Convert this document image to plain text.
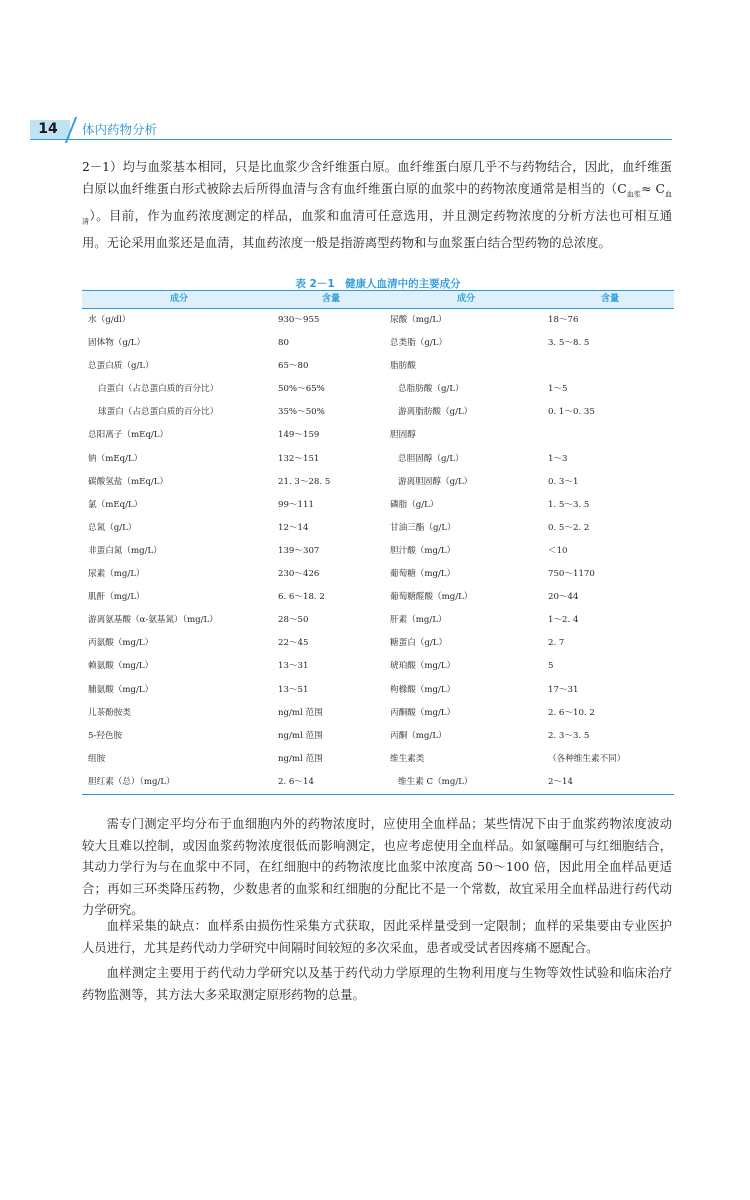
14	体内药物分析
2－1）均与血浆基本相同，只是比血浆少含纤维蛋白原。血纤维蛋白原几乎不与药物结合，因此，血纤维蛋白原以血纤维蛋白形式被除去后所得血清与含有血纤维蛋白原的血浆中的药物浓度通常是相当的$(C_{血浆}\approx C_{血清})$。目前，作为血药浓度测定的样品，血浆和血清可任意选用，并且测定药物浓度的分析方法也可相互通用。无论采用血浆还是血清，其血药浓度一般是指游离型药物和与血浆蛋白结合型药物的总浓度。
表 2－1　健康人血清中的主要成分
成分	含量	成分	含量
水（g/dl）	930～955	尿酸（mg/L）	18～76
固体物（g/L）	80	总类脂（g/L）	3. 5～8. 5
总蛋白质（g/L）	65～80	脂肪酸
白蛋白（占总蛋白质的百分比）	50%～65%	总脂肪酸（g/L）	1～5
球蛋白（占总蛋白质的百分比）	35%～50%	游离脂肪酸（g/L）	0. 1～0. 35
总阳离子（mEq/L）	149～159	胆固醇
钠（mEq/L）	132～151	总胆固醇（g/L）	1～3
碳酸氢盐（mEq/L）	21. 3～28. 5	游离胆固醇（g/L）	0. 3～1
氯（mEq/L）	99～111	磷脂（g/L）	1. 5～3. 5
总氮（g/L）	12～14	甘油三酯（g/L）	0. 5～2. 2
非蛋白氮（mg/L）	139～307	胆汁酸（mg/L）	＜10
尿素（mg/L）	230～426	葡萄糖（mg/L）	750～1170
肌酐（mg/L）	6. 6～18. 2	葡萄糖醛酸（mg/L）	20～44
游离氨基酸（α-氨基氮）（mg/L）	28～50	肝素（mg/L）	1～2. 4
丙氨酸（mg/L）	22～45	糖蛋白（g/L）	2. 7
赖氨酸（mg/L）	13～31	琥珀酸（mg/L）	5
脯氨酸（mg/L）	13～51	枸橼酸（mg/L）	17～31
儿茶酚胺类	ng/ml 范围	丙酮酸（mg/L）	2. 6～10. 2
5-羟色胺	ng/ml 范围	丙酮（mg/L）	2. 3～3. 5
组胺	ng/ml 范围	维生素类	（各种维生素不同）
胆红素（总）（mg/L）	2. 6～14	维生素 C（mg/L）	2～14
需专门测定平均分布于血细胞内外的药物浓度时，应使用全血样品；某些情况下由于血浆药物浓度波动较大且难以控制，或因血浆药物浓度很低而影响测定，也应考虑使用全血样品。如氯噻酮可与红细胞结合，其动力学行为与在血浆中不同，在红细胞中的药物浓度比血浆中浓度高 50～100 倍，因此用全血样品更适合；再如三环类降压药物，少数患者的血浆和红细胞的分配比不是一个常数，故宜采用全血样品进行药代动力学研究。
血样采集的缺点：血样系由损伤性采集方式获取，因此采样量受到一定限制；血样的采集要由专业医护人员进行，尤其是药代动力学研究中间隔时间较短的多次采血，患者或受试者因疼痛不愿配合。
血样测定主要用于药代动力学研究以及基于药代动力学原理的生物利用度与生物等效性试验和临床治疗药物监测等，其方法大多采取测定原形药物的总量。
